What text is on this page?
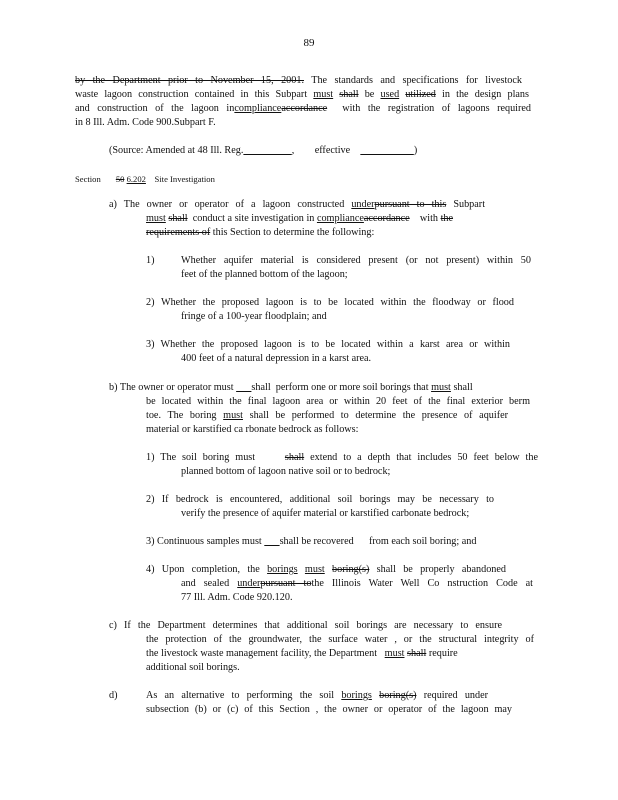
89
by the Department prior to November 15, 2001. The standards and specifications for livestock
waste lagoon construction contained in this Subpart must shall be used utilized in the design plans
and construction of the lagoon incomplianceaccordance with the registration of lagoons required
in 8 Ill. Adm. Code 900.Subpart F.
(Source: Amended at 48 Ill. Reg.	,        effective	)
Section 50 6.202 Site Investigation
a) The owner or operator of a lagoon constructed underpursuant to this Subpart
must shall conduct a site investigation in complianceaccordance with the
requirements of this Section to determine the following:
1)	Whether aquifer material is considered present (or not present) within 50
feet of the planned bottom of the lagoon;
2) Whether the proposed lagoon is to be located within the floodway or flood
fringe of a 100-year floodplain; and
3) Whether the proposed lagoon is to be located within a karst area or within
400 feet of a natural depression in a karst area.
b) The owner or operator must shall perform one or more soil borings that must shall
be located within the final lagoon area or within 20 feet of the final exterior berm
toe. The boring must shall be performed to determine the presence of aquifer
material or karstified ca rbonate bedrock as follows:
1) The soil boring must	shall extend to a depth that includes 50 feet below the
planned bottom of lagoon native soil or to bedrock;
2) If bedrock is encountered, additional soil borings may be necessary to
verify the presence of aquifer material or karstified carbonate bedrock;
3) Continuous samples must shall be recovered from each soil boring; and
4) Upon completion, the borings must boring(s) shall be properly abandoned
and sealed underpursuant tothe Illinois Water Well Co nstruction Code at
77 Ill. Adm. Code 920.120.
c) If the Department determines that additional soil borings are necessary to ensure
the protection of the groundwater, the surface water , or the structural integrity of
the livestock waste management facility, the Department must shall require
additional soil borings.
d)	As an alternative to performing the soil borings boring(s) required under
subsection (b) or (c) of this Section , the owner or operator of the lagoon may
